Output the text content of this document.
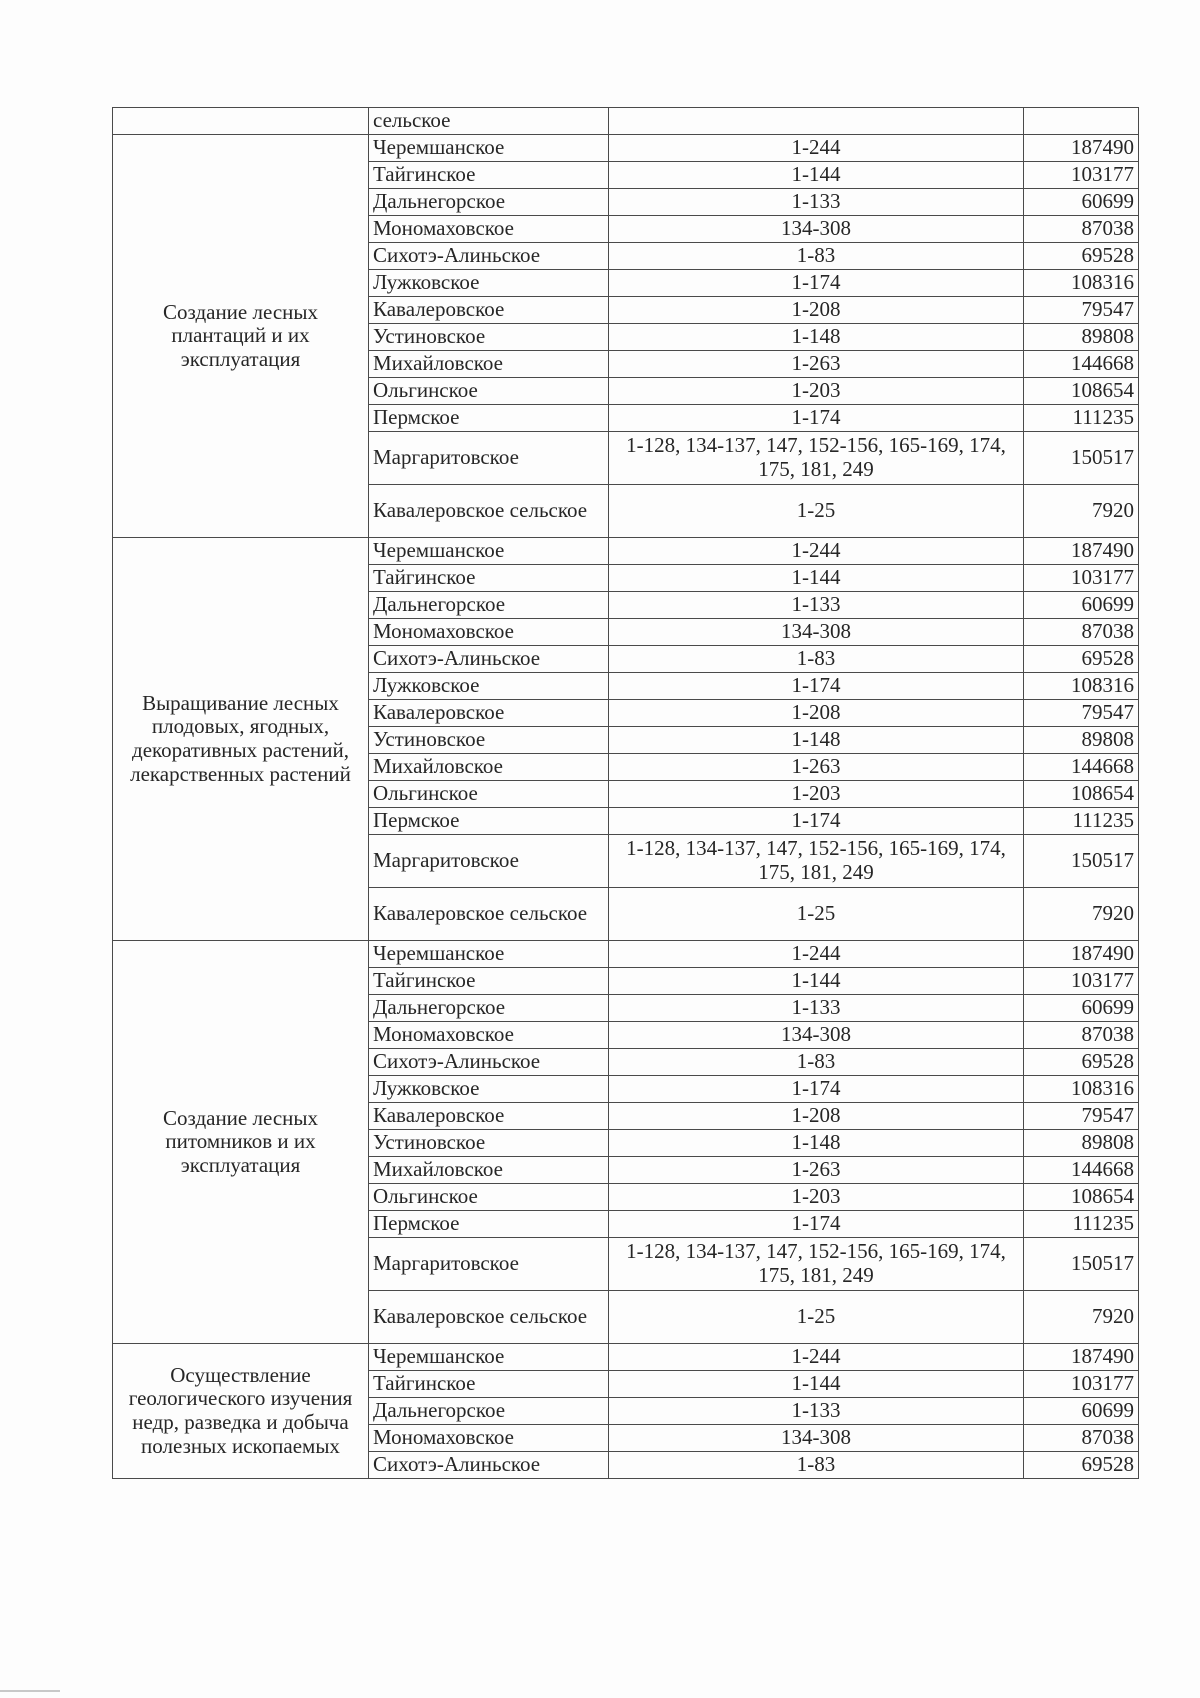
	сельское		
Создание лесных плантаций и их эксплуатация	Черемшанское	1-244	187490
	Тайгинское	1-144	103177
	Дальнегорское	1-133	60699
	Мономаховское	134-308	87038
	Сихотэ-Алиньское	1-83	69528
	Лужковское	1-174	108316
	Кавалеровское	1-208	79547
	Устиновское	1-148	89808
	Михайловское	1-263	144668
	Ольгинское	1-203	108654
	Пермское	1-174	111235
	Маргаритовское	1-128, 134-137, 147, 152-156, 165-169, 174, 175, 181, 249	150517
	Кавалеровское сельское	1-25	7920
Выращивание лесных плодовых, ягодных, декоративных растений, лекарственных растений	Черемшанское	1-244	187490
	Тайгинское	1-144	103177
	Дальнегорское	1-133	60699
	Мономаховское	134-308	87038
	Сихотэ-Алиньское	1-83	69528
	Лужковское	1-174	108316
	Кавалеровское	1-208	79547
	Устиновское	1-148	89808
	Михайловское	1-263	144668
	Ольгинское	1-203	108654
	Пермское	1-174	111235
	Маргаритовское	1-128, 134-137, 147, 152-156, 165-169, 174, 175, 181, 249	150517
	Кавалеровское сельское	1-25	7920
Создание лесных питомников и их эксплуатация	Черемшанское	1-244	187490
	Тайгинское	1-144	103177
	Дальнегорское	1-133	60699
	Мономаховское	134-308	87038
	Сихотэ-Алиньское	1-83	69528
	Лужковское	1-174	108316
	Кавалеровское	1-208	79547
	Устиновское	1-148	89808
	Михайловское	1-263	144668
	Ольгинское	1-203	108654
	Пермское	1-174	111235
	Маргаритовское	1-128, 134-137, 147, 152-156, 165-169, 174, 175, 181, 249	150517
	Кавалеровское сельское	1-25	7920
Осуществление геологического изучения недр, разведка и добыча полезных ископаемых	Черемшанское	1-244	187490
	Тайгинское	1-144	103177
	Дальнегорское	1-133	60699
	Мономаховское	134-308	87038
	Сихотэ-Алиньское	1-83	69528
